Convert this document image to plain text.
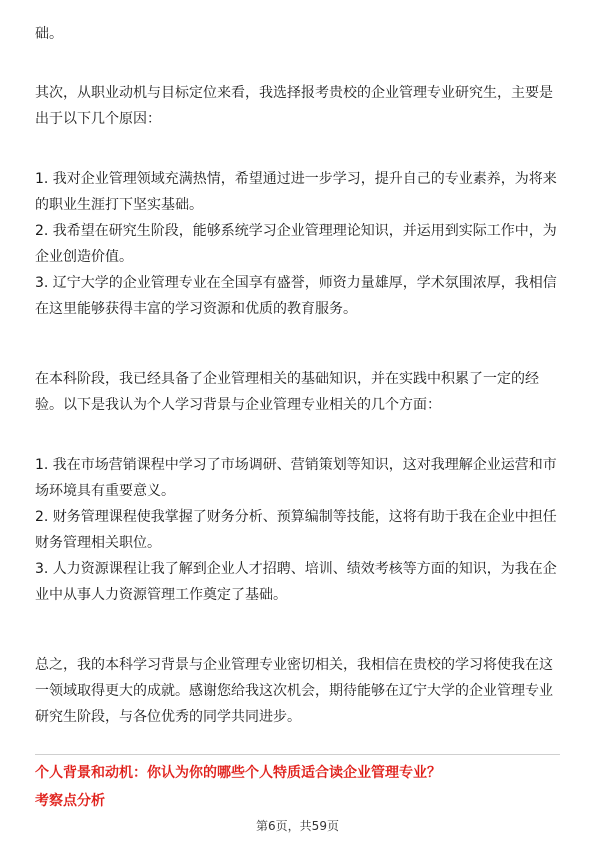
础。

其次，从职业动机与目标定位来看，我选择报考贵校的企业管理专业研究生，主要是出于以下几个原因：

1. 我对企业管理领域充满热情，希望通过进一步学习，提升自己的专业素养，为将来的职业生涯打下坚实基础。

2. 我希望在研究生阶段，能够系统学习企业管理理论知识，并运用到实际工作中，为企业创造价值。

3. 辽宁大学的企业管理专业在全国享有盛誉，师资力量雄厚，学术氛围浓厚，我相信在这里能够获得丰富的学习资源和优质的教育服务。

在本科阶段，我已经具备了企业管理相关的基础知识，并在实践中积累了一定的经验。以下是我认为个人学习背景与企业管理专业相关的几个方面：

1. 我在市场营销课程中学习了市场调研、营销策划等知识，这对我理解企业运营和市场环境具有重要意义。

2. 财务管理课程使我掌握了财务分析、预算编制等技能，这将有助于我在企业中担任财务管理相关职位。

3. 人力资源课程让我了解到企业人才招聘、培训、绩效考核等方面的知识，为我在企业中从事人力资源管理工作奠定了基础。

总之，我的本科学习背景与企业管理专业密切相关，我相信在贵校的学习将使我在这一领域取得更大的成就。感谢您给我这次机会，期待能够在辽宁大学的企业管理专业研究生阶段，与各位优秀的同学共同进步。

个人背景和动机：你认为你的哪些个人特质适合读企业管理专业？
考察点分析
第6页，共59页
